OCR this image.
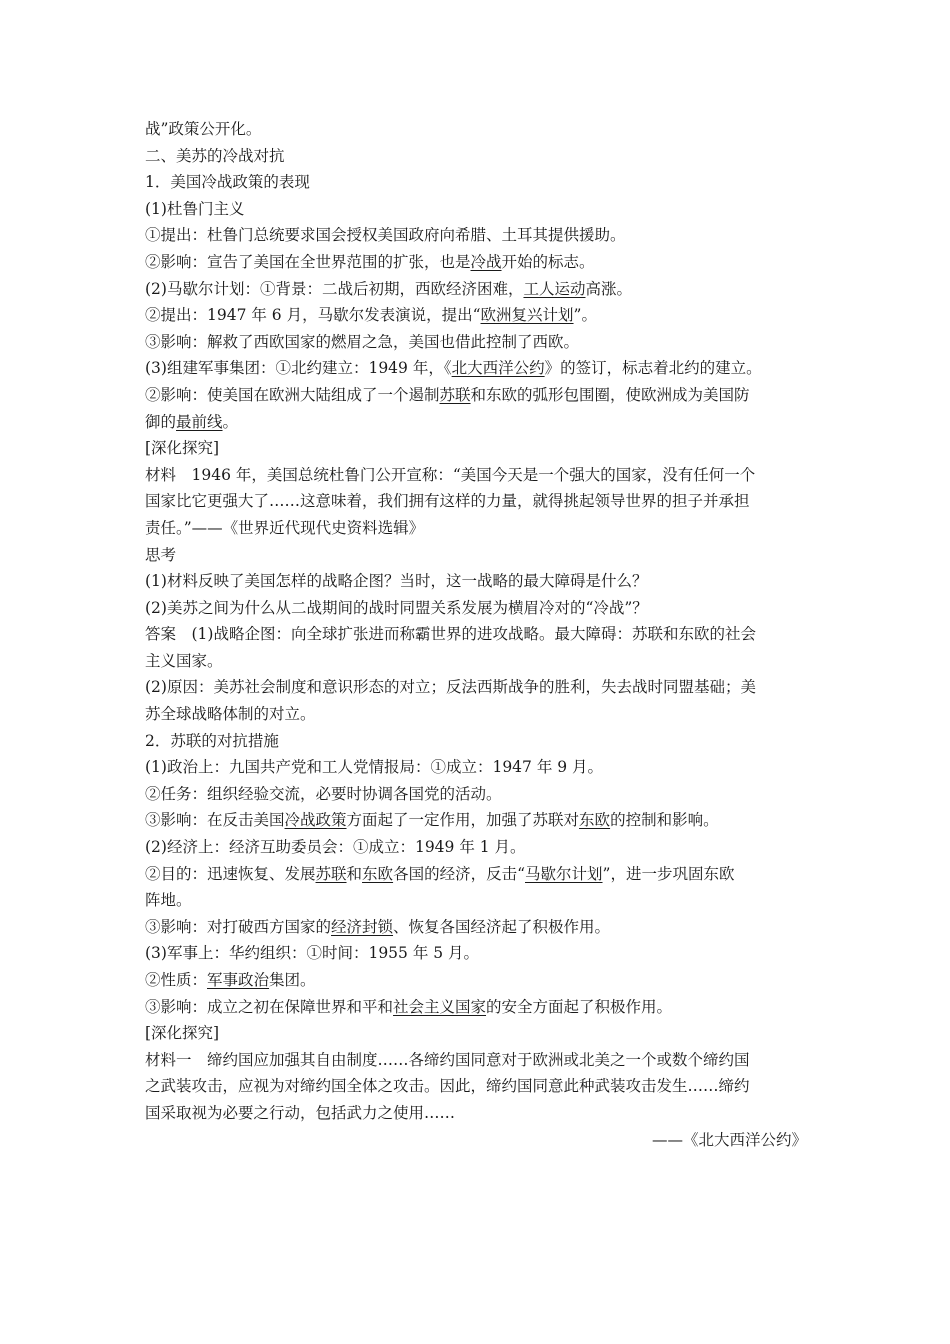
战”政策公开化。
二、美苏的冷战对抗
1．美国冷战政策的表现
(1)杜鲁门主义
①提出：杜鲁门总统要求国会授权美国政府向希腊、土耳其提供援助。
②影响：宣告了美国在全世界范围的扩张，也是冷战开始的标志。
(2)马歇尔计划：①背景：二战后初期，西欧经济困难，工人运动高涨。
②提出：1947 年 6 月，马歇尔发表演说，提出“欧洲复兴计划”。
③影响：解救了西欧国家的燃眉之急，美国也借此控制了西欧。
(3)组建军事集团：①北约建立：1949 年，《北大西洋公约》的签订，标志着北约的建立。
②影响：使美国在欧洲大陆组成了一个遏制苏联和东欧的弧形包围圈，使欧洲成为美国防
御的最前线。
[深化探究]
材料　1946 年，美国总统杜鲁门公开宣称：“美国今天是一个强大的国家，没有任何一个
国家比它更强大了……这意味着，我们拥有这样的力量，就得挑起领导世界的担子并承担
责任。”——《世界近代现代史资料选辑》
思考
(1)材料反映了美国怎样的战略企图？当时，这一战略的最大障碍是什么？
(2)美苏之间为什么从二战期间的战时同盟关系发展为横眉冷对的“冷战”？
答案　(1)战略企图：向全球扩张进而称霸世界的进攻战略。最大障碍：苏联和东欧的社会
主义国家。
(2)原因：美苏社会制度和意识形态的对立；反法西斯战争的胜利，失去战时同盟基础；美
苏全球战略体制的对立。
2．苏联的对抗措施
(1)政治上：九国共产党和工人党情报局：①成立：1947 年 9 月。
②任务：组织经验交流，必要时协调各国党的活动。
③影响：在反击美国冷战政策方面起了一定作用，加强了苏联对东欧的控制和影响。
(2)经济上：经济互助委员会：①成立：1949 年 1 月。
②目的：迅速恢复、发展苏联和东欧各国的经济，反击“马歇尔计划”，进一步巩固东欧
阵地。
③影响：对打破西方国家的经济封锁、恢复各国经济起了积极作用。
(3)军事上：华约组织：①时间：1955 年 5 月。
②性质：军事政治集团。
③影响：成立之初在保障世界和平和社会主义国家的安全方面起了积极作用。
[深化探究]
材料一　缔约国应加强其自由制度……各缔约国同意对于欧洲或北美之一个或数个缔约国
之武装攻击，应视为对缔约国全体之攻击。因此，缔约国同意此种武装攻击发生……缔约
国采取视为必要之行动，包括武力之使用……
——《北大西洋公约》
